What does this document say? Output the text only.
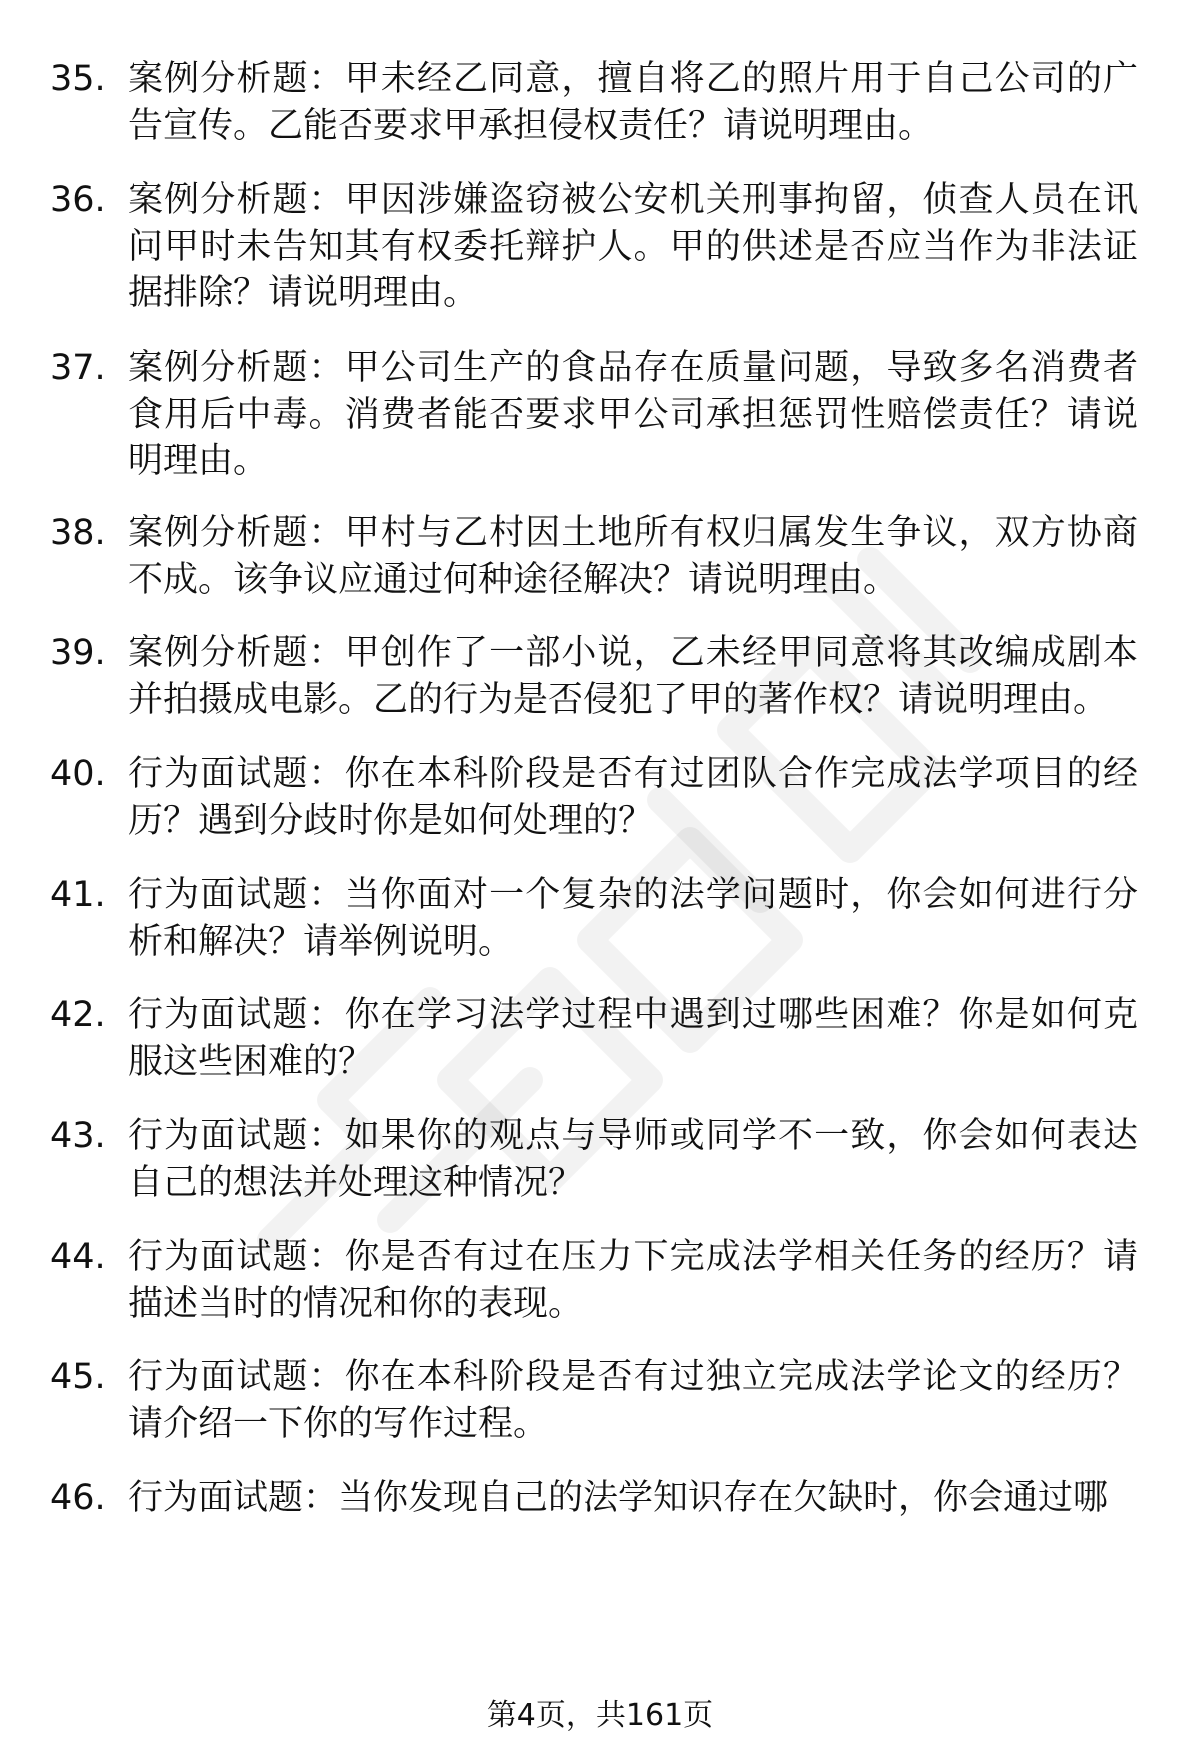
35. 案例分析题：甲未经乙同意，擅自将乙的照片用于自己公司的广告宣传。乙能否要求甲承担侵权责任？请说明理由。
36. 案例分析题：甲因涉嫌盗窃被公安机关刑事拘留，侦查人员在讯问甲时未告知其有权委托辩护人。甲的供述是否应当作为非法证据排除？请说明理由。
37. 案例分析题：甲公司生产的食品存在质量问题，导致多名消费者食用后中毒。消费者能否要求甲公司承担惩罚性赔偿责任？请说明理由。
38. 案例分析题：甲村与乙村因土地所有权归属发生争议，双方协商不成。该争议应通过何种途径解决？请说明理由。
39. 案例分析题：甲创作了一部小说，乙未经甲同意将其改编成剧本并拍摄成电影。乙的行为是否侵犯了甲的著作权？请说明理由。
40. 行为面试题：你在本科阶段是否有过团队合作完成法学项目的经历？遇到分歧时你是如何处理的？
41. 行为面试题：当你面对一个复杂的法学问题时，你会如何进行分析和解决？请举例说明。
42. 行为面试题：你在学习法学过程中遇到过哪些困难？你是如何克服这些困难的？
43. 行为面试题：如果你的观点与导师或同学不一致，你会如何表达自己的想法并处理这种情况？
44. 行为面试题：你是否有过在压力下完成法学相关任务的经历？请描述当时的情况和你的表现。
45. 行为面试题：你在本科阶段是否有过独立完成法学论文的经历？请介绍一下你的写作过程。
46. 行为面试题：当你发现自己的法学知识存在欠缺时，你会通过哪
第4页，共161页
